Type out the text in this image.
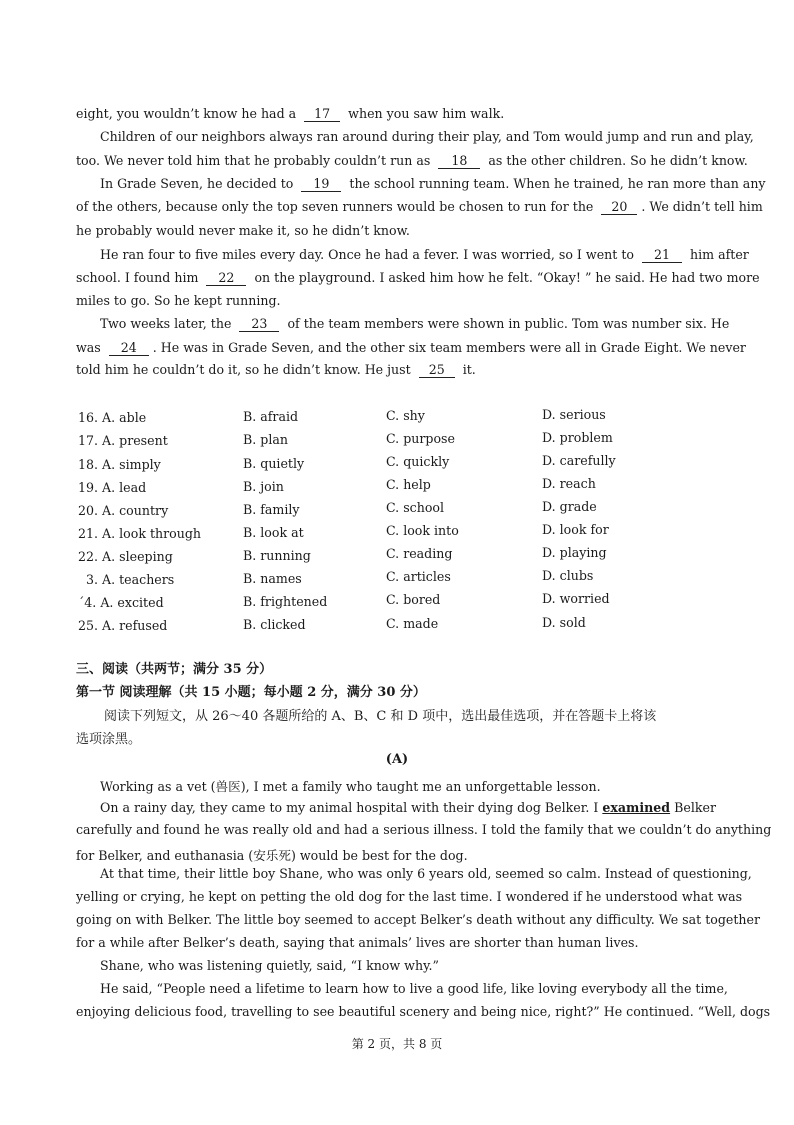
eight, you wouldn’t know he had a 17 when you saw him walk.
Children of our neighbors always ran around during their play, and Tom would jump and run and play,
too. We never told him that he probably couldn’t run as 18 as the other children. So he didn’t know.
In Grade Seven, he decided to 19 the school running team. When he trained, he ran more than any
of the others, because only the top seven runners would be chosen to run for the 20 . We didn’t tell him
he probably would never make it, so he didn’t know.
He ran four to five miles every day. Once he had a fever. I was worried, so I went to 21 him after
school. I found him 22 on the playground. I asked him how he felt. “Okay! ” he said. He had two more
miles to go. So he kept running.
Two weeks later, the 23 of the team members were shown in public. Tom was number six. He
was 24 . He was in Grade Seven, and the other six team members were all in Grade Eight. We never
told him he couldn’t do it, so he didn’t know. He just 25 it.
16. A. able	B. afraid	C. shy	D. serious
17. A. present	B. plan	C. purpose	D. problem
18. A. simply	B. quietly	C. quickly	D. carefully
19. A. lead	B. join	C. help	D. reach
20. A. country	B. family	C. school	D. grade
21. A. look through	B. look at	C. look into	D. look for
22. A. sleeping	B. running	C. reading	D. playing
3. A. teachers	B. names	C. articles	D. clubs
´4. A. excited	B. frightened	C. bored	D. worried
25. A. refused	B. clicked	C. made	D. sold
三、阅读（共两节；满分 35 分）
第一节 阅读理解（共 15 小题；每小题 2 分，满分 30 分）
阅读下列短文，从 26～40 各题所给的 A、B、C 和 D 项中，选出最佳选项，并在答题卡上将该
选项涂黑。
(A)
Working as a vet (兽医), I met a family who taught me an unforgettable lesson.
On a rainy day, they came to my animal hospital with their dying dog Belker. I examined Belker
carefully and found he was really old and had a serious illness. I told the family that we couldn’t do anything
for Belker, and euthanasia (安乐死) would be best for the dog.
At that time, their little boy Shane, who was only 6 years old, seemed so calm. Instead of questioning,
yelling or crying, he kept on petting the old dog for the last time. I wondered if he understood what was
going on with Belker. The little boy seemed to accept Belker’s death without any difficulty. We sat together
for a while after Belker’s death, saying that animals’ lives are shorter than human lives.
Shane, who was listening quietly, said, “I know why.”
He said, “People need a lifetime to learn how to live a good life, like loving everybody all the time,
enjoying delicious food, travelling to see beautiful scenery and being nice, right?” He continued. “Well, dogs
第 2 页，共 8 页
